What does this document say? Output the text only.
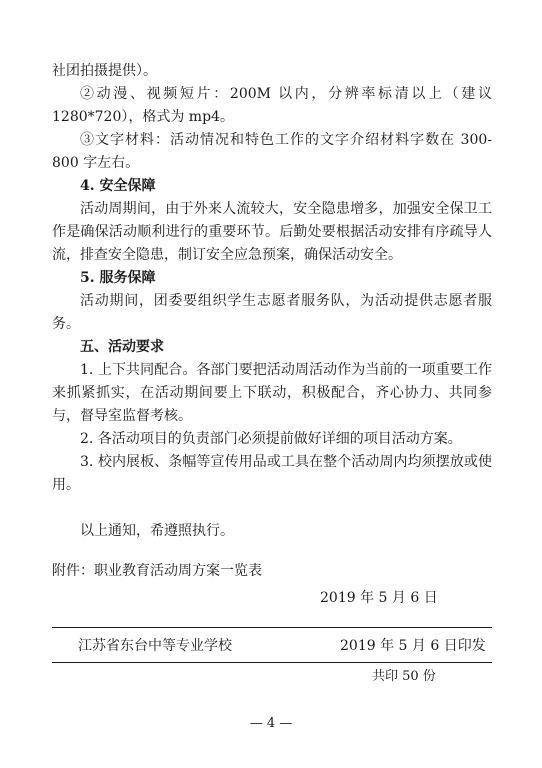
社团拍摄提供）。

②动漫、视频短片：200M 以内，分辨率标清以上（建议 1280*720），格式为 mp4。

③文字材料：活动情况和特色工作的文字介绍材料字数在 300-800 字左右。

4. 安全保障

活动周期间，由于外来人流较大，安全隐患增多，加强安全保卫工作是确保活动顺利进行的重要环节。后勤处要根据活动安排有序疏导人流，排查安全隐患，制订安全应急预案，确保活动安全。

5. 服务保障

活动期间，团委要组织学生志愿者服务队，为活动提供志愿者服务。

五、活动要求

1. 上下共同配合。各部门要把活动周活动作为当前的一项重要工作来抓紧抓实，在活动期间要上下联动，积极配合，齐心协力、共同参与，督导室监督考核。

2. 各活动项目的负责部门必须提前做好详细的项目活动方案。

3. 校内展板、条幅等宣传用品或工具在整个活动周内均须摆放或使用。

以上通知，希遵照执行。

附件：职业教育活动周方案一览表

2019 年 5 月 6 日
江苏省东台中等专业学校	2019 年 5 月 6 日印发
共印 50 份
— 4 —
